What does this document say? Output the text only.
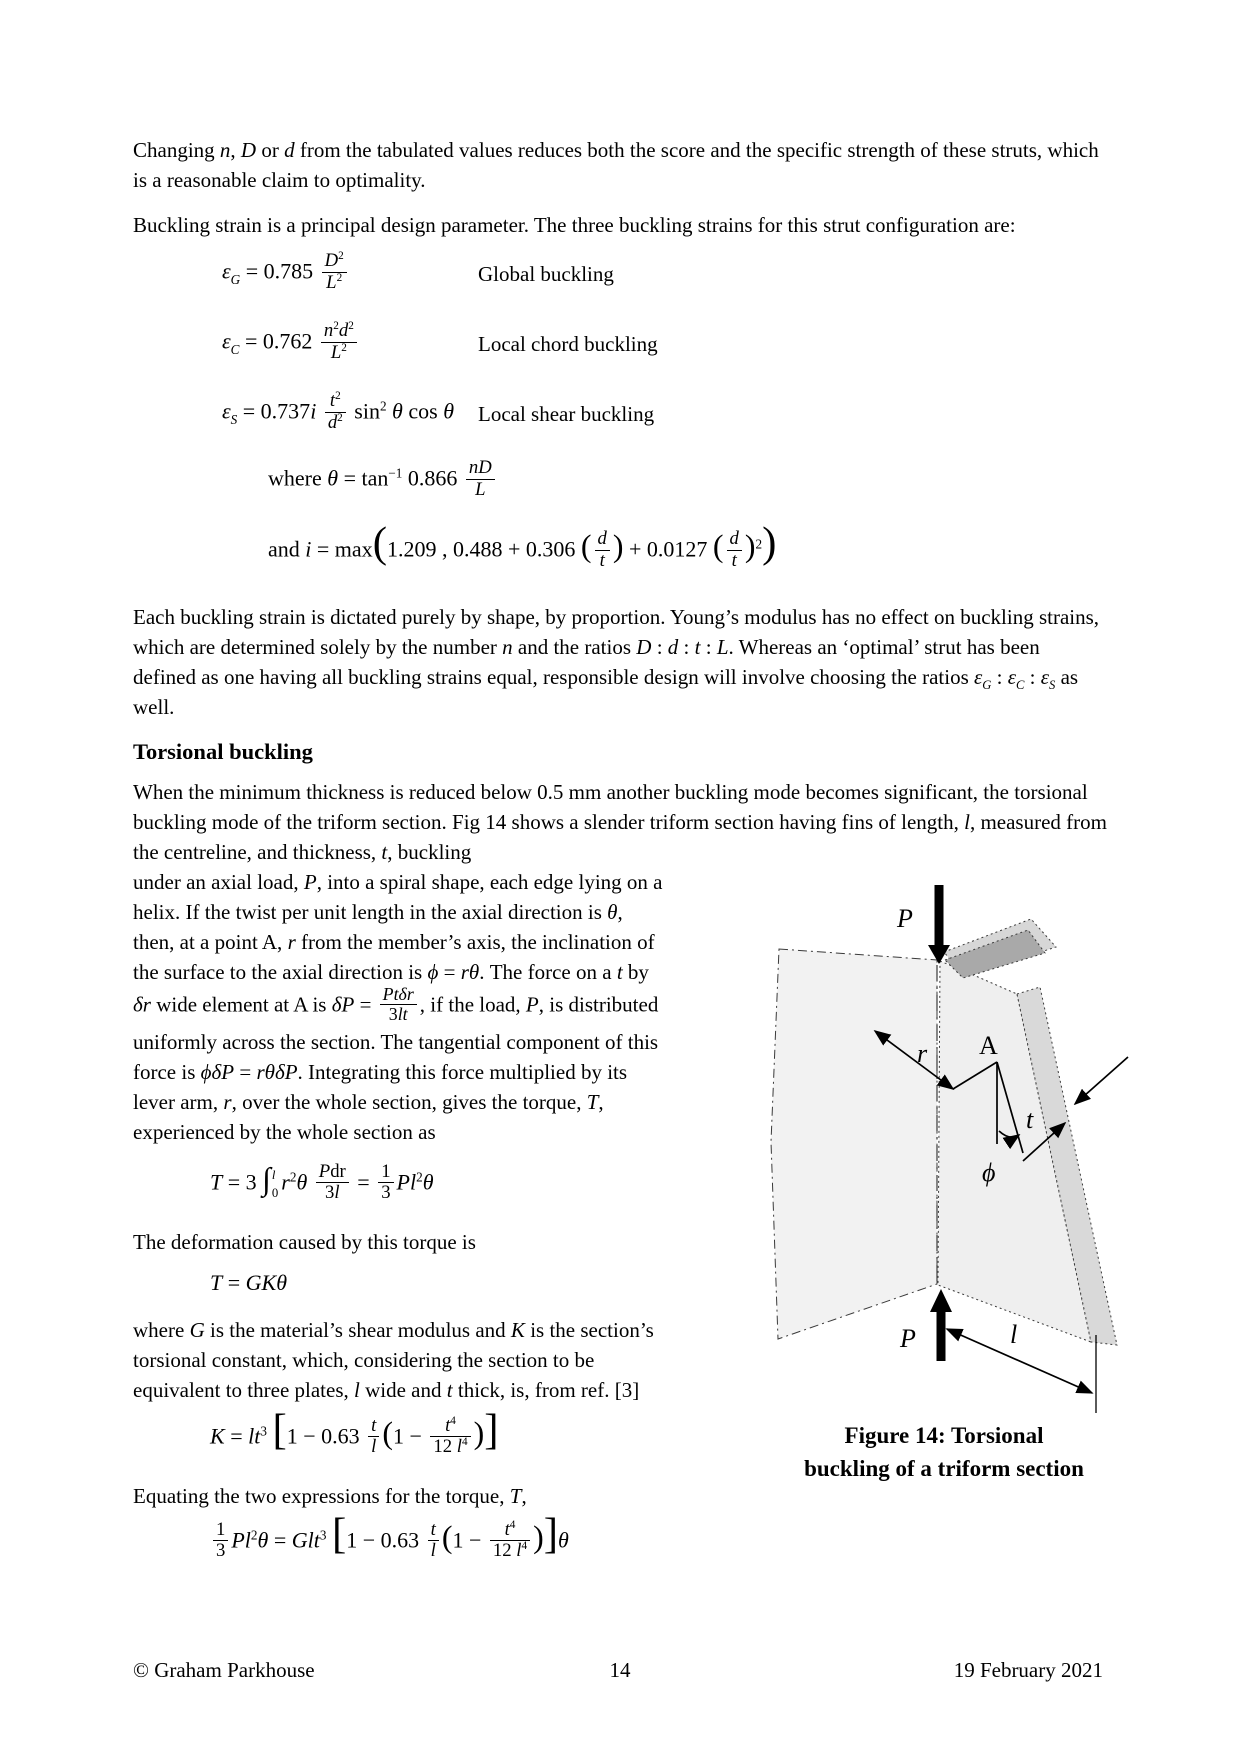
Changing n, D or d from the tabulated values reduces both the score and the specific strength of these struts, which is a reasonable claim to optimality.

Buckling strain is a principal design parameter. The three buckling strains for this strut configuration are:

$\varepsilon_G = 0.785 \frac{D^2}{L^2}$	Global buckling
$\varepsilon_C = 0.762 \frac{n^2d^2}{L^2}$	Local chord buckling
$\varepsilon_S = 0.737i \frac{t^2}{d^2} \sin^2 \theta$ cos θ	Local shear buckling
where $\theta = \tan^{-1} 0.866 \frac{nD}{L}$
and i = max(1.209 , 0.488 + 0.306 ( $\frac{d}{t}$ ) + 0.0127 ( $\frac{d}{t} )^2$)

Each buckling strain is dictated purely by shape, by proportion. Young’s modulus has no effect on buckling strains, which are determined solely by the number n and the ratios D : d : t : L. Whereas an ‘optimal’ strut has been defined as one having all buckling strains equal, responsible design will involve choosing the ratios $\varepsilon_G$ : $\varepsilon_C$ : $\varepsilon_S$ as well.

Torsional buckling

When the minimum thickness is reduced below 0.5 mm another buckling mode becomes significant, the torsional buckling mode of the triform section. Fig 14 shows a slender triform section having fins of length, l, measured from the centreline, and thickness, t, buckling

under an axial load, P, into a spiral shape, each edge lying on a helix. If the twist per unit length in the axial direction is θ, then, at a point A, r from the member’s axis, the inclination of the surface to the axial direction is ϕ = rθ. The force on a t by δr wide element at A is $\delta P = \frac{\text{Ptδr}}{3lt}$ , if the load, P, is distributed uniformly across the section. The tangential component of this force is ϕδP = rθδP. Integrating this force multiplied by its lever arm, r, over the whole section, gives the torque, T, experienced by the whole section as

T = 3 ∫ l
0 $r^2\theta \frac{\text{Pdr}}{3l} = \frac{1}{3} Pl^2\theta$

The deformation caused by this torque is

T = GKθ

where G is the material’s shear modulus and K is the section’s torsional constant, which, considering the section to be equivalent to three plates, l wide and t thick, is, from ref. [3]

$K = lt^3$ [$1 - 0.63 \frac{t}{l} (1 - \frac{t^4}{12 l^4}$ )]

Equating the two expressions for the torque, T,

$\frac{1}{3} Pl^2\theta = Glt^3$ $[1 - 0.63 \frac{t}{l} (1 - \frac{t^4}{12 l^4} )]\theta$
P
r A
ϕ
t
P	l
Figure 14: Torsional
buckling of a triform section
© Graham Parkhouse	14	19 February 2021
